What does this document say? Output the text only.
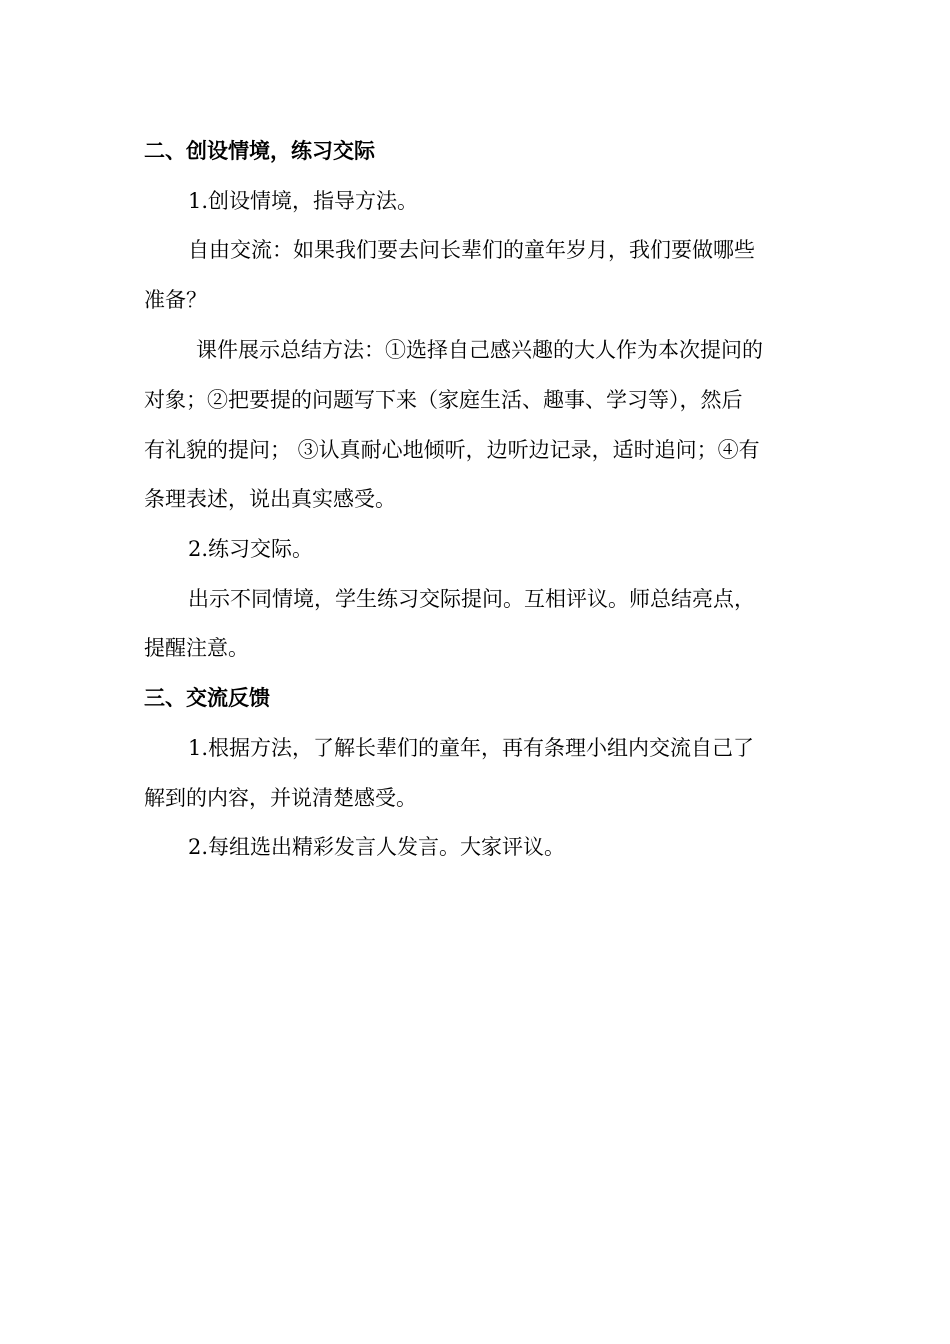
二、创设情境，练习交际
1.创设情境，指导方法。
自由交流：如果我们要去问长辈们的童年岁月，我们要做哪些
准备？
课件展示总结方法：①选择自己感兴趣的大人作为本次提问的
对象；②把要提的问题写下来（家庭生活、趣事、学习等），然后
有礼貌的提问； ③认真耐心地倾听，边听边记录，适时追问；④有
条理表述，说出真实感受。
2.练习交际。
出示不同情境，学生练习交际提问。互相评议。师总结亮点，
提醒注意。
三、交流反馈
1.根据方法，了解长辈们的童年，再有条理小组内交流自己了
解到的内容，并说清楚感受。
2.每组选出精彩发言人发言。大家评议。
